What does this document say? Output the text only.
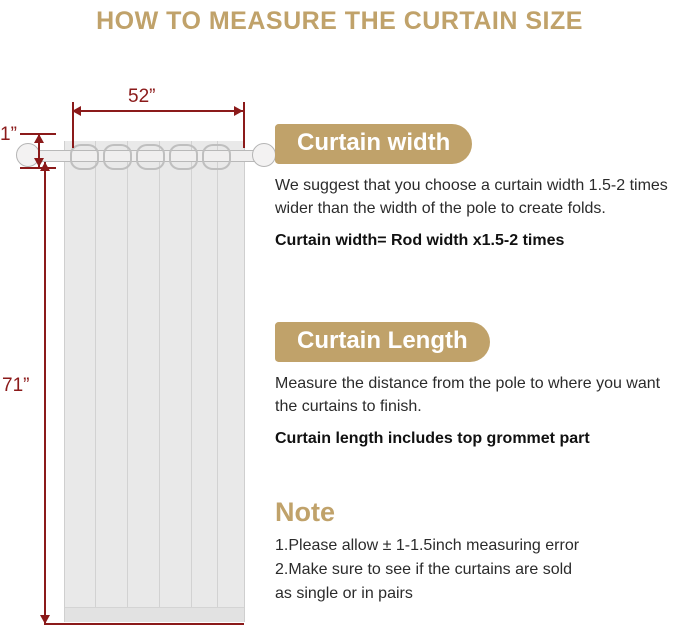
HOW TO MEASURE THE CURTAIN SIZE
52”
1”
71”
Curtain width
We suggest that you choose a curtain width 1.5-2 times wider than the width of the pole to create folds.
Curtain width= Rod width x1.5-2 times
Curtain Length
Measure the distance from the pole to where you want the curtains to finish.
Curtain length includes top grommet part
Note
1.Please allow ± 1-1.5inch measuring error
2.Make sure to see if the curtains are sold
as single or in pairs
